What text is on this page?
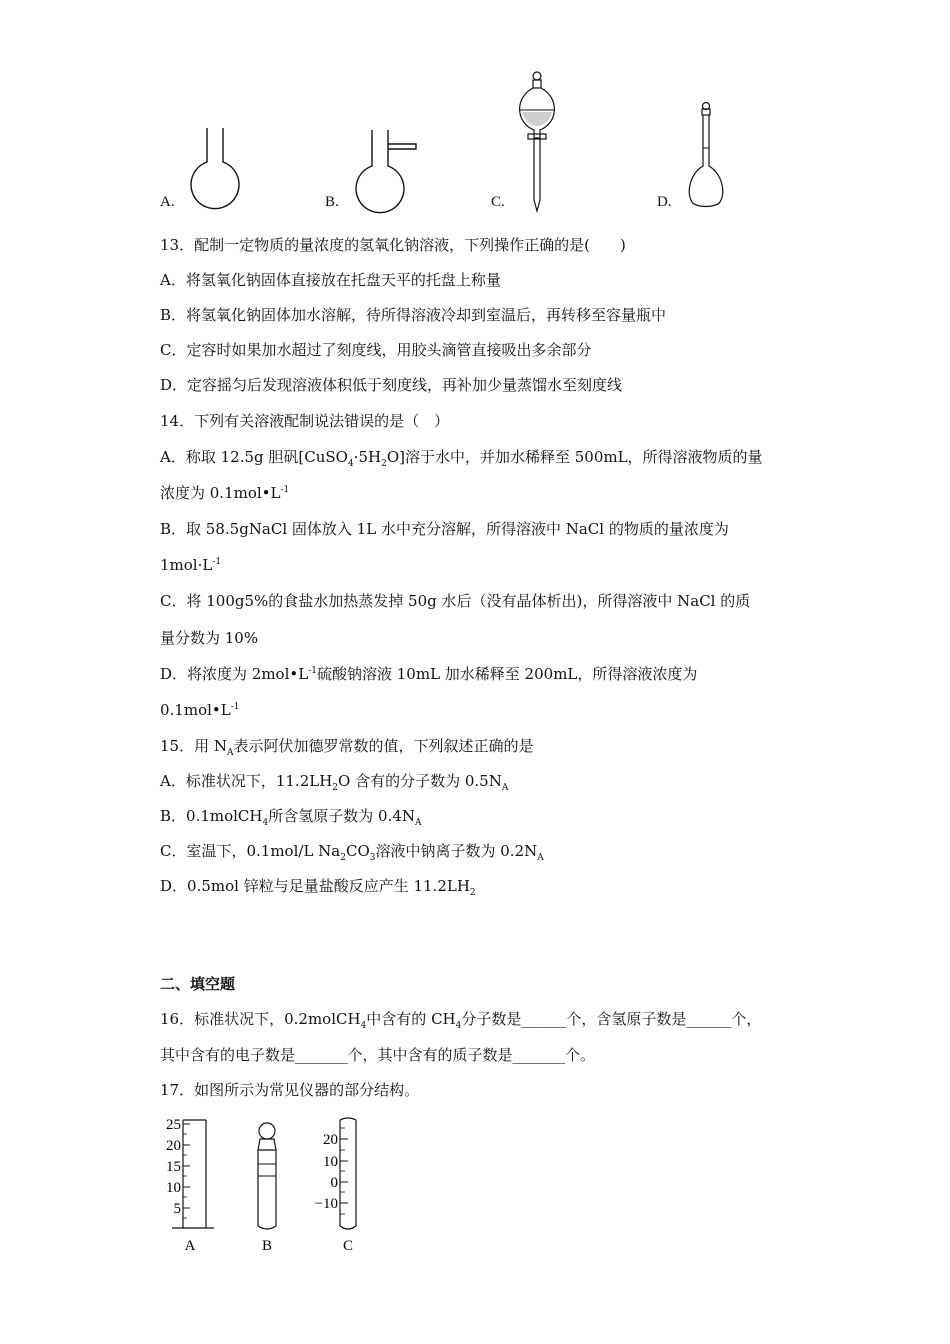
A.	B.	C.	D.
13．配制一定物质的量浓度的氢氧化钠溶液，下列操作正确的是(　　)
A．将氢氧化钠固体直接放在托盘天平的托盘上称量
B．将氢氧化钠固体加水溶解，待所得溶液冷却到室温后，再转移至容量瓶中
C．定容时如果加水超过了刻度线，用胶头滴管直接吸出多余部分
D．定容摇匀后发现溶液体积低于刻度线，再补加少量蒸馏水至刻度线
14．下列有关溶液配制说法错误的是（　）
A．称取 12.5g 胆矾$[CuSO_4\cdot 5H_2O]$溶于水中，并加水稀释至 500mL，所得溶液物质的量
浓度为 $0.1mol•L^{-1}$
B．取 58.5gNaCl 固体放入 1L 水中充分溶解，所得溶液中 NaCl 的物质的量浓度为
$1mol\cdot L^{-1}$
C．将 100g5%的食盐水加热蒸发掉 50g 水后（没有晶体析出)，所得溶液中 NaCl 的质
量分数为 10%
D．将浓度为 $2mol•L^{-1}$硫酸钠溶液 10mL 加水稀释至 200mL，所得溶液浓度为
$0.1mol•L^{-1}$
15．用 $N_A$表示阿伏加德罗常数的值，下列叙述正确的是
A．标准状况下，$11.2LH_2O$ 含有的分子数为 $0.5N_A$
B．0.1molCH$_4$所含氢原子数为 $0.4N_A$
C．室温下，0.1mol/L $Na_2CO_3$溶液中钠离子数为 $0.2N_A$
D．0.5mol 锌粒与足量盐酸反应产生 $11.2LH_2$
二、填空题
16．标准状况下，0.2molCH$_4$中含有的 $CH_4$分子数是______个，含氢原子数是______个，
其中含有的电子数是_______个，其中含有的质子数是_______个。
17．如图所示为常见仪器的部分结构。
25
20
15
10
5
A	B
20
10
0
−10
C
